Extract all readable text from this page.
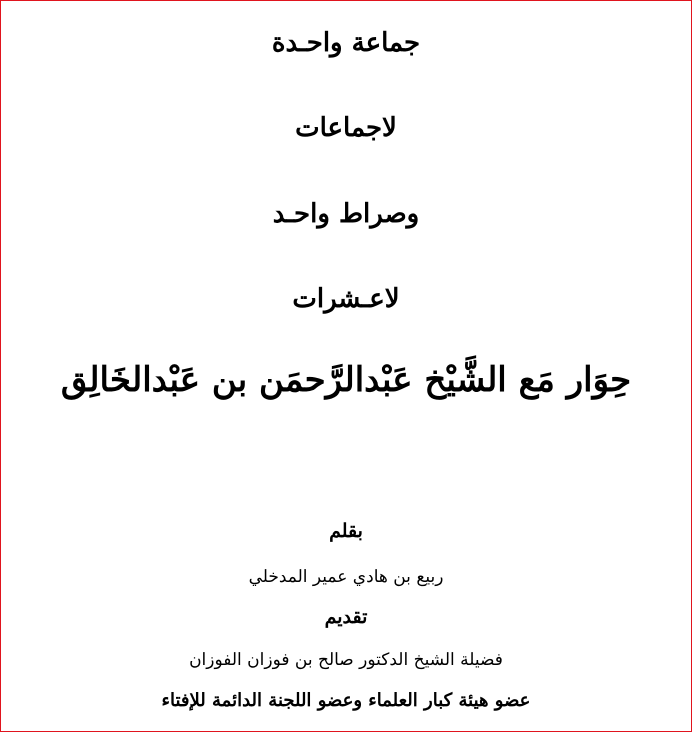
جماعة واحـدة
لاجماعات
وصراط واحـد
لاعـشرات
حِوَار مَع الشَّيْخ عَبْدالرَّحمَن بن عَبْدالخَالِق
بقلم
ربيع بن هادي عمير المدخلي
تقديم
فضيلة الشيخ الدكتور صالح بن فوزان الفوزان
عضو هيئة كبار العلماء وعضو اللجنة الدائمة للإفتاء
